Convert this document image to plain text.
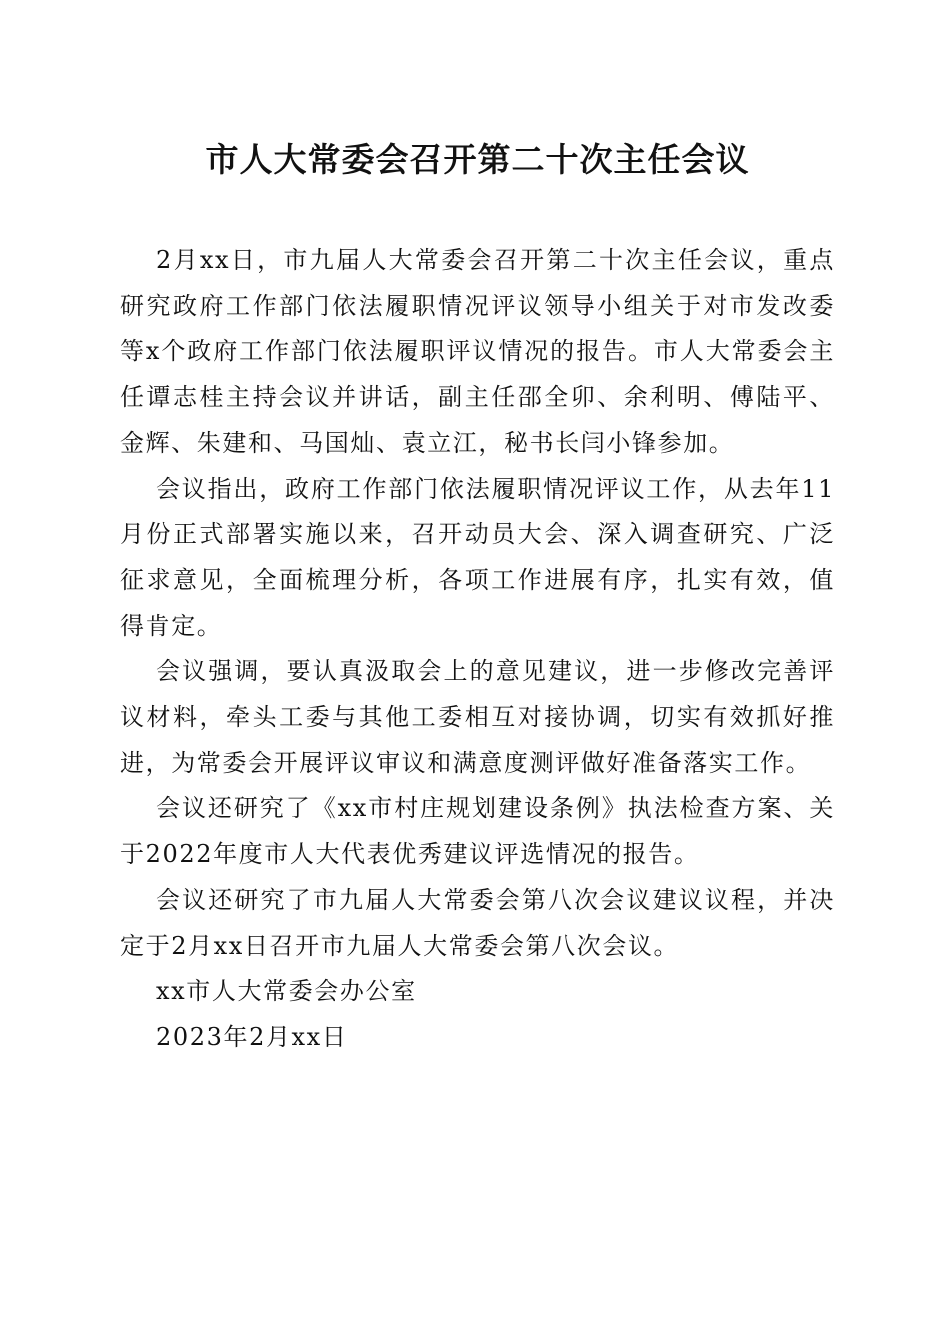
市人大常委会召开第二十次主任会议

2月xx日，市九届人大常委会召开第二十次主任会议，重点研究政府工作部门依法履职情况评议领导小组关于对市发改委等x个政府工作部门依法履职评议情况的报告。市人大常委会主任谭志桂主持会议并讲话，副主任邵全卯、余利明、傅陆平、金辉、朱建和、马国灿、袁立江，秘书长闫小锋参加。

会议指出，政府工作部门依法履职情况评议工作，从去年11月份正式部署实施以来，召开动员大会、深入调查研究、广泛征求意见，全面梳理分析，各项工作进展有序，扎实有效，值得肯定。

会议强调，要认真汲取会上的意见建议，进一步修改完善评议材料，牵头工委与其他工委相互对接协调，切实有效抓好推进，为常委会开展评议审议和满意度测评做好准备落实工作。

会议还研究了《xx市村庄规划建设条例》执法检查方案、关于2022年度市人大代表优秀建议评选情况的报告。

会议还研究了市九届人大常委会第八次会议建议议程，并决定于2月xx日召开市九届人大常委会第八次会议。

xx市人大常委会办公室

2023年2月xx日
